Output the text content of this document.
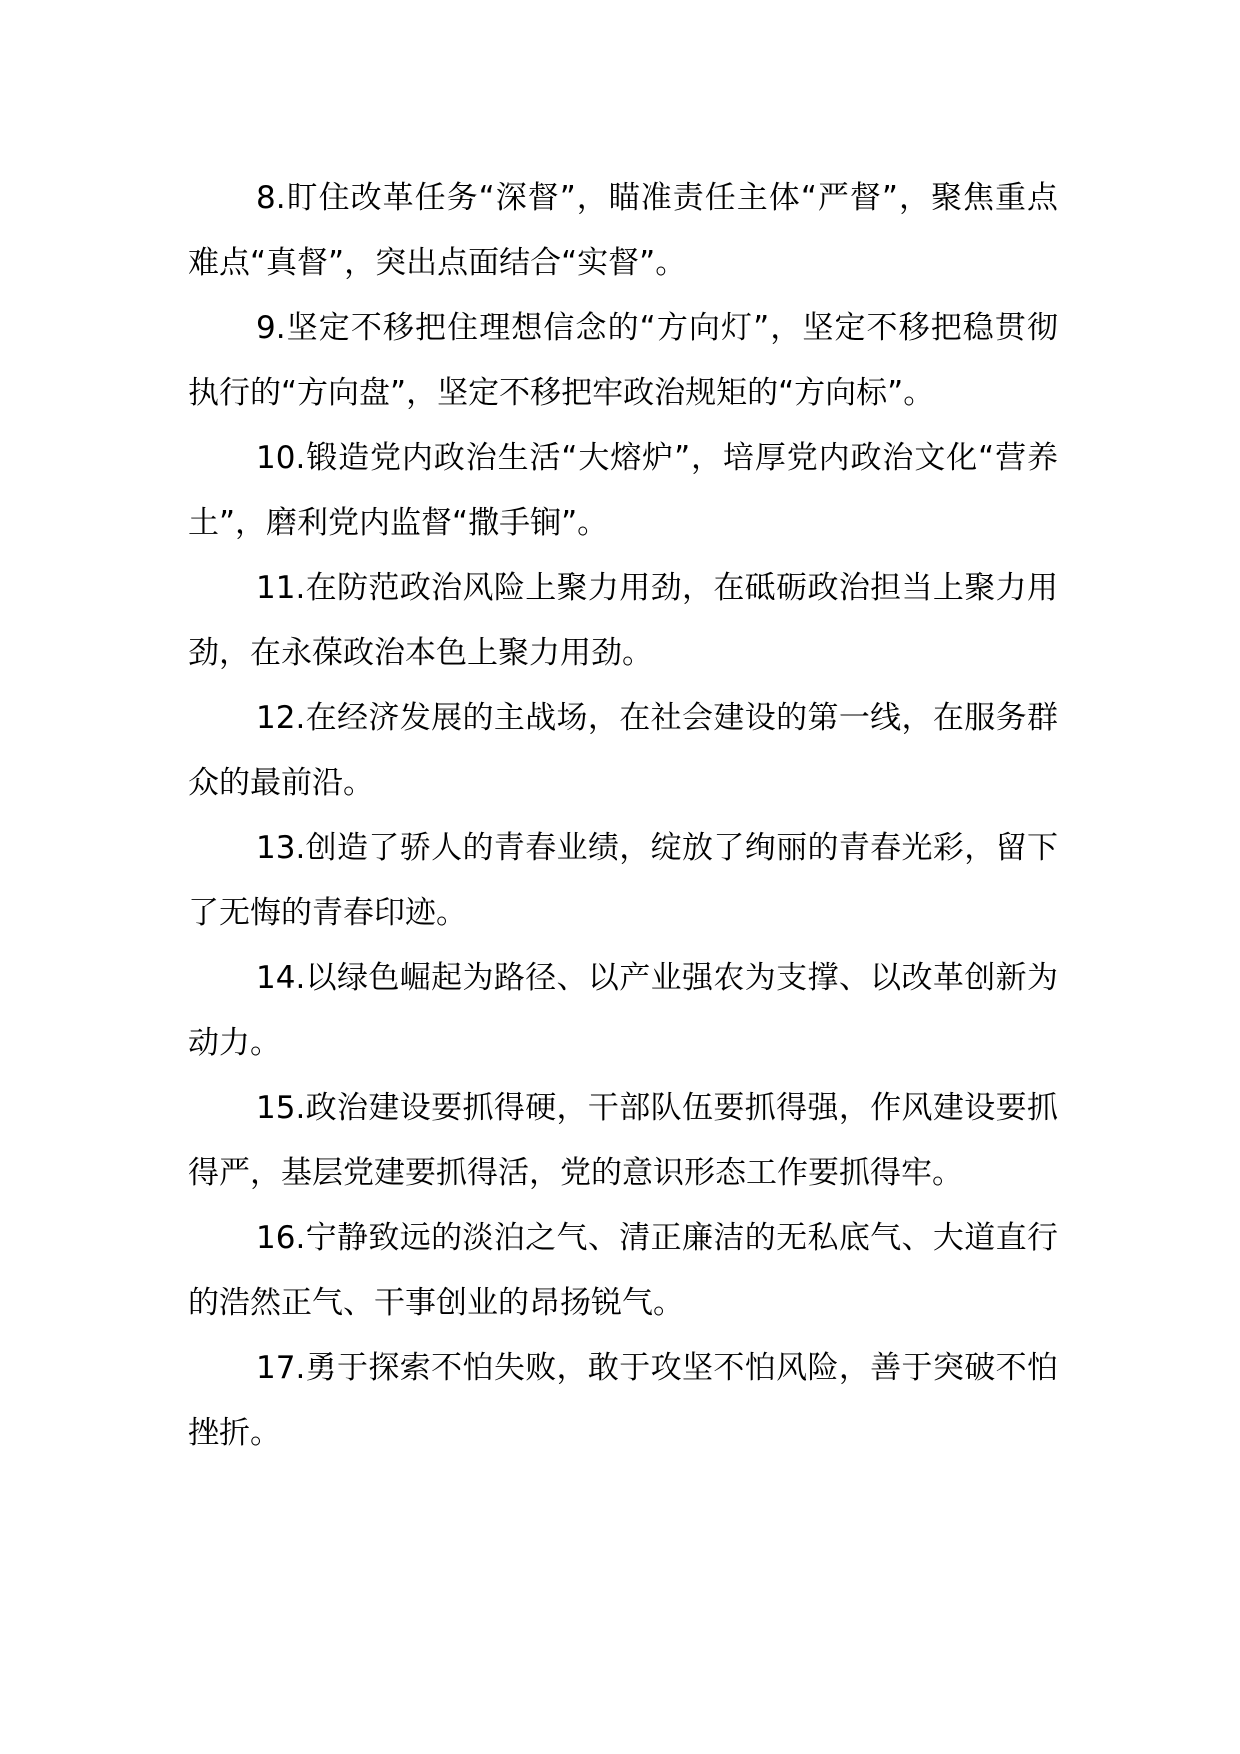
8.盯住改革任务“深督”，瞄准责任主体“严督”，聚焦重点难点“真督”，突出点面结合“实督”。

9.坚定不移把住理想信念的“方向灯”，坚定不移把稳贯彻执行的“方向盘”，坚定不移把牢政治规矩的“方向标”。

10.锻造党内政治生活“大熔炉”，培厚党内政治文化“营养土”，磨利党内监督“撒手锏”。

11.在防范政治风险上聚力用劲，在砥砺政治担当上聚力用劲，在永葆政治本色上聚力用劲。

12.在经济发展的主战场，在社会建设的第一线，在服务群众的最前沿。

13.创造了骄人的青春业绩，绽放了绚丽的青春光彩，留下了无悔的青春印迹。

14.以绿色崛起为路径、以产业强农为支撑、以改革创新为动力。

15.政治建设要抓得硬，干部队伍要抓得强，作风建设要抓得严，基层党建要抓得活，党的意识形态工作要抓得牢。

16.宁静致远的淡泊之气、清正廉洁的无私底气、大道直行的浩然正气、干事创业的昂扬锐气。

17.勇于探索不怕失败，敢于攻坚不怕风险，善于突破不怕挫折。
